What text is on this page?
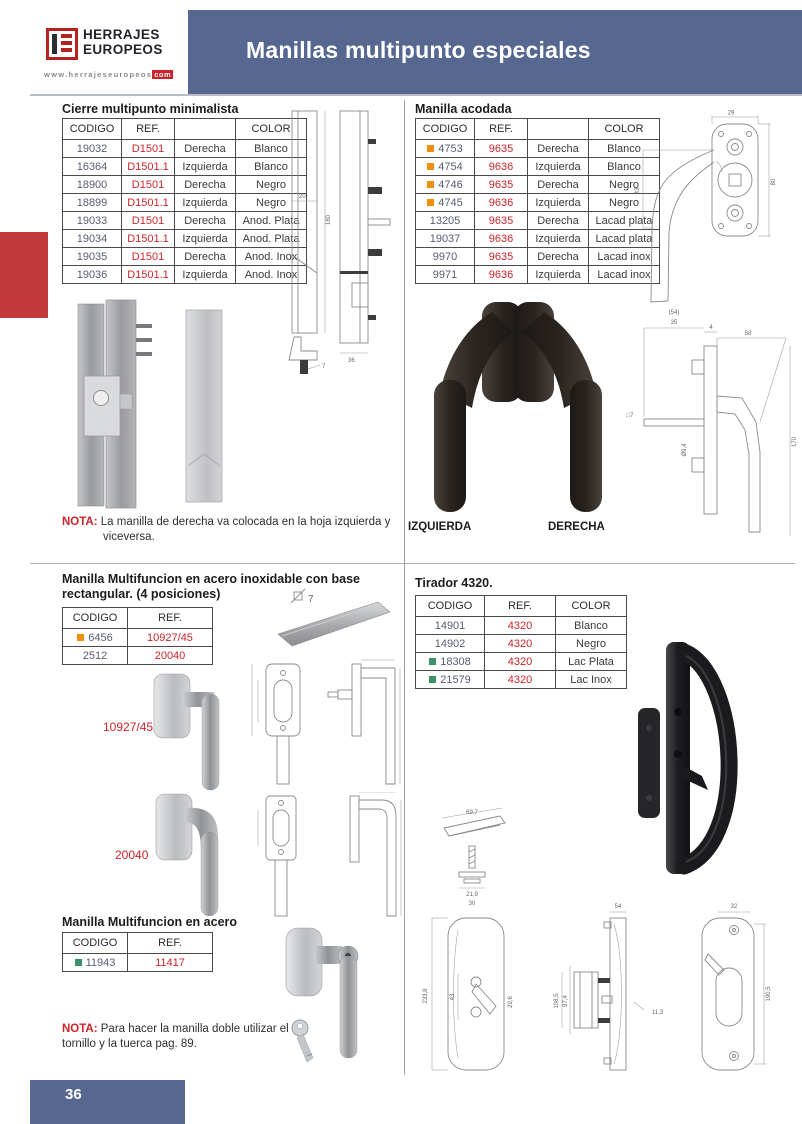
HERRAJES
EUROPEOS
www.herrajeseuropeos com
Manillas multipunto especiales
Cierre multipunto minimalista
CODIGO	REF.		COLOR
19032	D1501	Derecha	Blanco
16364	D1501.1	Izquierda	Blanco
18900	D1501	Derecha	Negro
18899	D1501.1	Izquierda	Negro
19033	D1501	Derecha	Anod. Plata
19034	D1501.1	Izquierda	Anod. Plata
19035	D1501	Derecha	Anod. Inox
19036	D1501.1	Izquierda	Anod. Inox
20
180
36
7
NOTA: La manilla de derecha va colocada en la hoja izquierda y viceversa.
Manilla Multifuncion en acero inoxidable con base rectangular. (4 posiciones)
CODIGO	REF.
6456	10927/45
2512	20040
7
10927/45
20040
Manilla Multifuncion en acero
CODIGO	REF.
11943	11417
NOTA: Para hacer la manilla doble utilizar el tornillo y la tuerca pag. 89.
Manilla acodada
CODIGO	REF.		COLOR
4753	9635	Derecha	Blanco
4754	9636	Izquierda	Blanco
4746	9635	Derecha	Negro
4745	9636	Izquierda	Negro
13205	9635	Derecha	Lacad plata
19037	9636	Izquierda	Lacad plata
9970	9635	Derecha	Lacad inox
9971	9636	Izquierda	Lacad inox
29
43
80
IZQUIERDA	DERECHA
(54)
35
4
58
□7
Ø9,4
170
Tirador 4320.
CODIGO	REF.	COLOR
14901	4320	Blanco
14902	4320	Negro
18308	4320	Lac Plata
21579	4320	Lac Inox
69,7
21,9
30
233,8	43	29,6
54
108,5 97,4
11,3
32
190,5
36
